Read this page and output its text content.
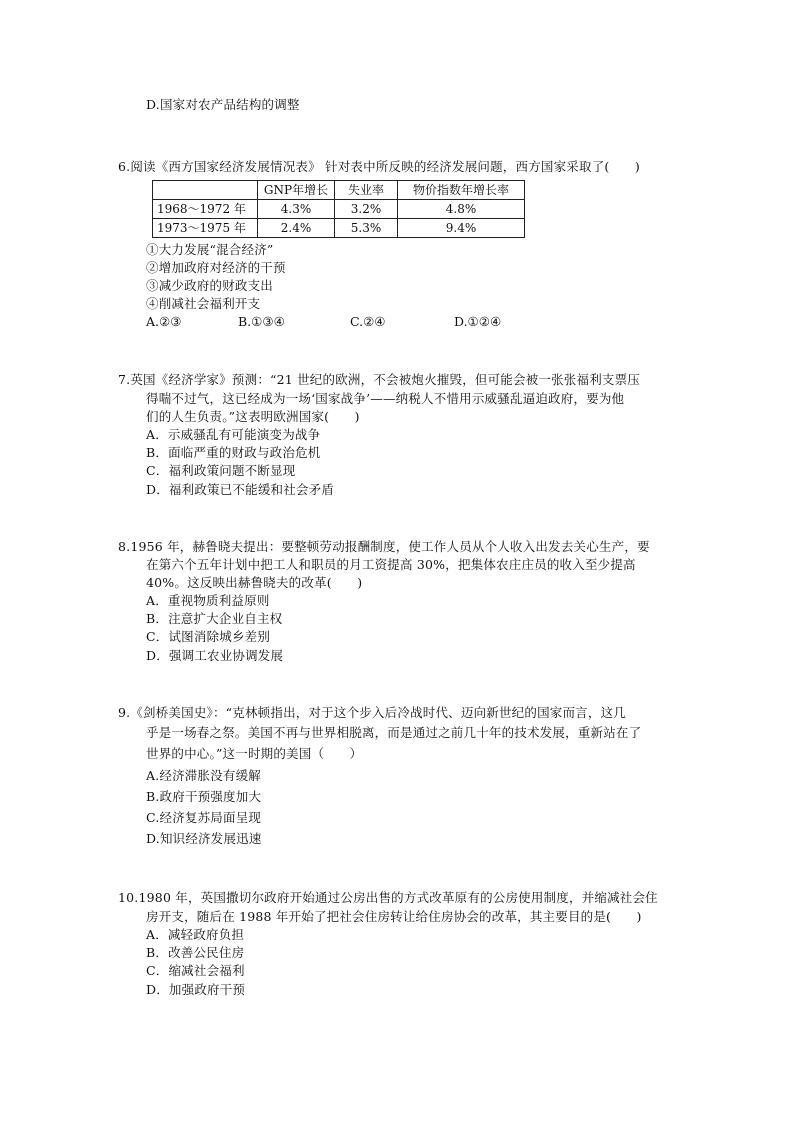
D.国家对农产品结构的调整
6.阅读《西方国家经济发展情况表》 针对表中所反映的经济发展问题，西方国家采取了(　　)
	GNP年增长	失业率	物价指数年增长率
1968～1972 年	4.3%	3.2%	4.8%
1973～1975 年	2.4%	5.3%	9.4%
①大力发展“混合经济”
②增加政府对经济的干预
③减少政府的财政支出
④削减社会福利开支
A.②③	B.①③④	C.②④	D.①②④
7.英国《经济学家》预测：“21 世纪的欧洲，不会被炮火摧毁，但可能会被一张张福利支票压
得喘不过气，这已经成为一场‘国家战争’——纳税人不惜用示威骚乱逼迫政府，要为他
们的人生负责。”这表明欧洲国家(　　)
A．示威骚乱有可能演变为战争
B．面临严重的财政与政治危机
C．福利政策问题不断显现
D．福利政策已不能缓和社会矛盾
8.1956 年，赫鲁晓夫提出：要整顿劳动报酬制度，使工作人员从个人收入出发去关心生产，要
在第六个五年计划中把工人和职员的月工资提高 30%，把集体农庄庄员的收入至少提高
40%。这反映出赫鲁晓夫的改革(　　)
A．重视物质利益原则
B．注意扩大企业自主权
C．试图消除城乡差别
D．强调工农业协调发展
9.《剑桥美国史》：“克林顿指出，对于这个步入后冷战时代、迈向新世纪的国家而言，这几
乎是一场春之祭。美国不再与世界相脱离，而是通过之前几十年的技术发展，重新站在了
世界的中心。”这一时期的美国（　　）
A.经济滞胀没有缓解
B.政府干预强度加大
C.经济复苏局面呈现
D.知识经济发展迅速
10.1980 年，英国撒切尔政府开始通过公房出售的方式改革原有的公房使用制度，并缩减社会住
房开支，随后在 1988 年开始了把社会住房转让给住房协会的改革，其主要目的是(　　)
A．减轻政府负担
B．改善公民住房
C．缩减社会福利
D．加强政府干预
